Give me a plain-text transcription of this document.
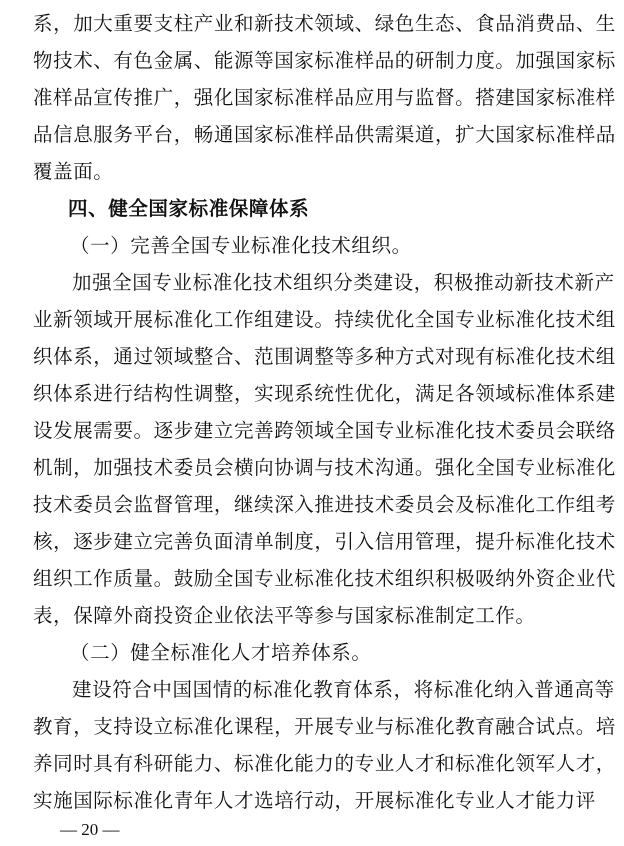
系，加大重要支柱产业和新技术领域、绿色生态、食品消费品、生
物技术、有色金属、能源等国家标准样品的研制力度。加强国家标
准样品宣传推广，强化国家标准样品应用与监督。搭建国家标准样
品信息服务平台，畅通国家标准样品供需渠道，扩大国家标准样品
覆盖面。
四、健全国家标准保障体系
（一）完善全国专业标准化技术组织。
加强全国专业标准化技术组织分类建设，积极推动新技术新产
业新领域开展标准化工作组建设。持续优化全国专业标准化技术组
织体系，通过领域整合、范围调整等多种方式对现有标准化技术组
织体系进行结构性调整，实现系统性优化，满足各领域标准体系建
设发展需要。逐步建立完善跨领域全国专业标准化技术委员会联络
机制，加强技术委员会横向协调与技术沟通。强化全国专业标准化
技术委员会监督管理，继续深入推进技术委员会及标准化工作组考
核，逐步建立完善负面清单制度，引入信用管理，提升标准化技术
组织工作质量。鼓励全国专业标准化技术组织积极吸纳外资企业代
表，保障外商投资企业依法平等参与国家标准制定工作。
（二）健全标准化人才培养体系。
建设符合中国国情的标准化教育体系，将标准化纳入普通高等
教育，支持设立标准化课程，开展专业与标准化教育融合试点。培
养同时具有科研能力、标准化能力的专业人才和标准化领军人才，
实施国际标准化青年人才选培行动，开展标准化专业人才能力评
— 20 —
